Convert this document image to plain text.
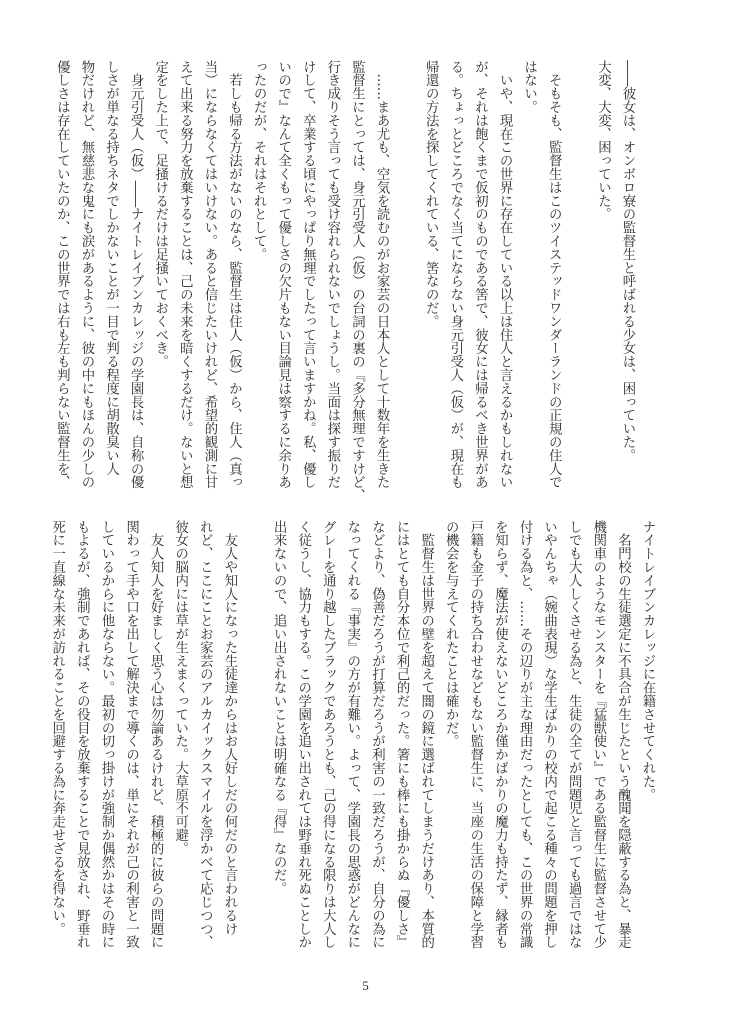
――彼女は、オンボロ寮の監督生と呼ばれる少女は、困っていた。
大変、大変、困っていた。
　そもそも、監督生はこのツイステッドワンダーランドの正規の住人で
はない。
　いや、現在この世界に存在している以上は住人と言えるかもしれない
が、それは飽くまで仮初のものである筈で、彼女には帰るべき世界があ
る。ちょっとどころでなく当てにならない身元引受人（仮）が、現在も
帰還の方法を探してくれている、筈なのだ。
　……まあ尤も、空気を読むのがお家芸の日本人として十数年を生きた
監督生にとっては、身元引受人（仮）の台詞の裏の『多分無理ですけど、
行き成りそう言っても受け容れられないでしょうし。当面は探す振りだ
けして、卒業する頃にやっぱり無理でしたって言いますかね。私、優し
いので』なんて全くもって優しさの欠片もない目論見は察するに余りあ
ったのだが、それはそれとして。
　若しも帰る方法がないのなら、監督生は住人（仮）から、住人（真っ
当）にならなくてはいけない。あると信じたいけれど、希望的観測に甘
えて出来る努力を放棄することは、己の未来を暗くするだけ。ないと想
定をした上で、足掻けるだけは足掻いておくべき。
　身元引受人（仮）――ナイトレイブンカレッジの学園長は、自称の優
しさが単なる持ちネタでしかないことが一目で判る程度に胡散臭い人
物だけれど、無慈悲な鬼にも涙があるように、彼の中にもほんの少しの
優しさは存在していたのか、この世界では右も左も判らない監督生を、
ナイトレイブンカレッジに在籍させてくれた。
　名門校の生徒選定に不具合が生じたという醜聞を隠蔽する為と、暴走
機関車のようなモンスターを『猛獣使い』である監督生に監督させて少
しでも大人しくさせる為と、生徒の全てが問題児と言っても過言ではな
いやんちゃ（婉曲表現）な学生ばかりの校内で起こる種々の問題を押し
付ける為と、……その辺りが主な理由だったとしても、この世界の常識
を知らず、魔法が使えないどころか僅かばかりの魔力も持たず、縁者も
戸籍も金子の持ち合わせなどもない監督生に、当座の生活の保障と学習
の機会を与えてくれたことは確かだ。
　監督生は世界の壁を超えて闇の鏡に選ばれてしまうだけあり、本質的
にはとても自分本位で利己的だった。箸にも棒にも掛からぬ『優しさ』
などより、偽善だろうが打算だろうが利害の一致だろうが、自分の為に
なってくれる『事実』の方が有難い。よって、学園長の思惑がどんなに
グレーを通り越したブラックであろうとも、己の得になる限りは大人し
く従うし、協力もする。この学園を追い出されては野垂れ死ぬことしか
出来ないので、追い出されないことは明確なる『得』なのだ。
　友人や知人になった生徒達からはお人好しだの何だのと言われるけ
れど、ここにことお家芸のアルカイックスマイルを浮かべて応じつつ、
彼女の脳内には草が生えまくっていた。大草原不可避。
　友人知人を好ましく思う心は勿論あるけれど、積極的に彼らの問題に
関わって手や口を出して解決まで導くのは、単にそれが己の利害と一致
しているからに他ならない。最初の切っ掛けが強制か偶然かはその時に
もよるが、強制であれば、その役目を放棄することで見放され、野垂れ
死に一直線な未来が訪れることを回避する為に奔走せざるを得ない。
5
